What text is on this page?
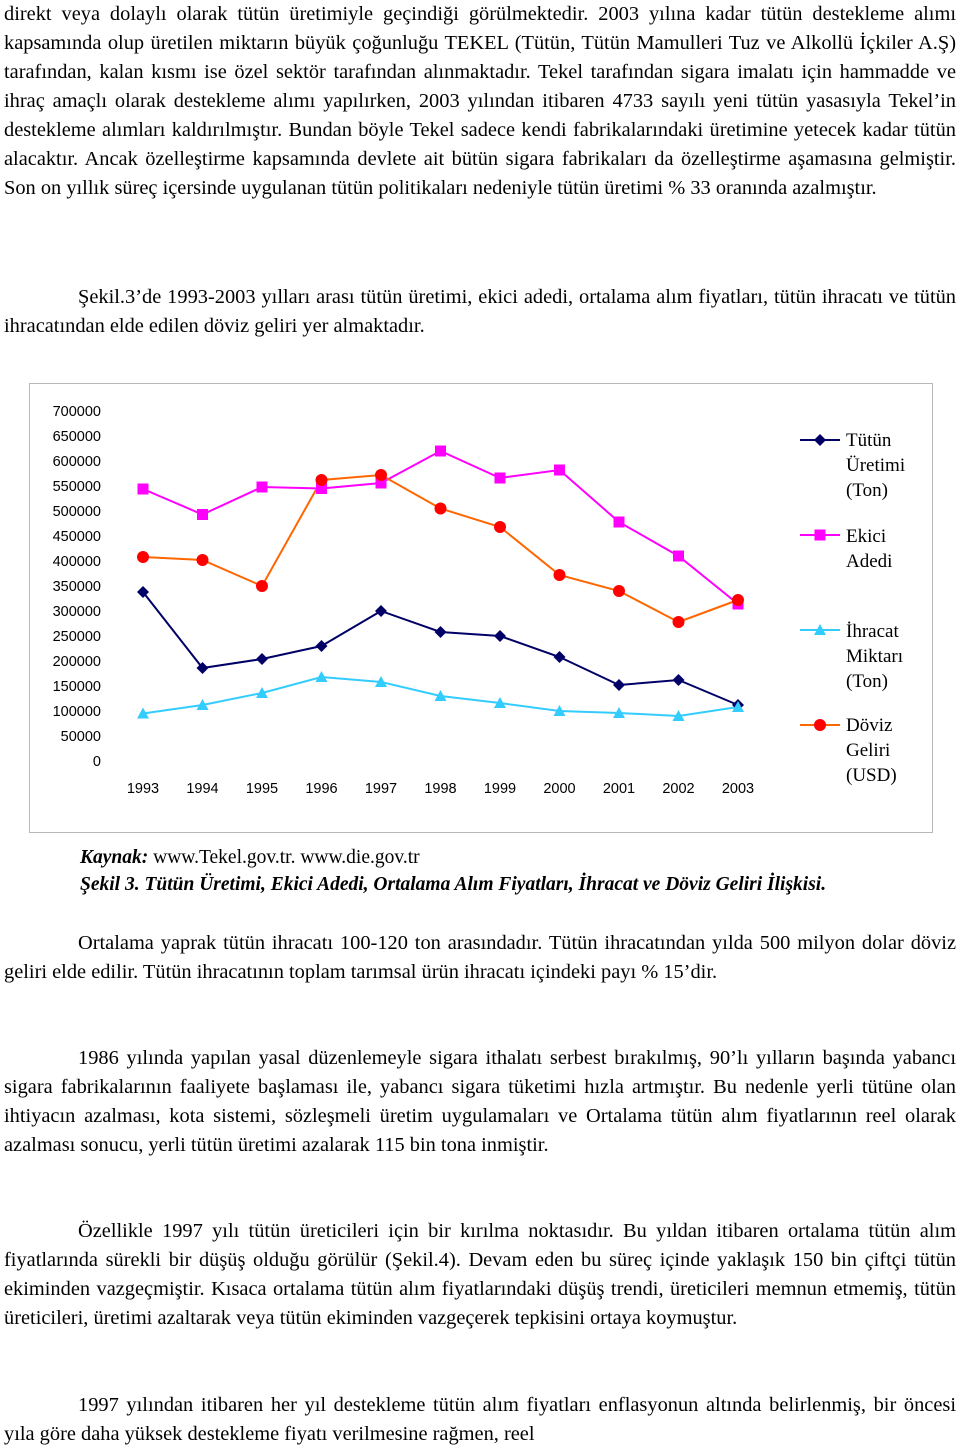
direkt veya dolaylı olarak tütün üretimiyle geçindiği görülmektedir. 2003 yılına kadar tütün destekleme alımı kapsamında olup üretilen miktarın büyük çoğunluğu TEKEL (Tütün, Tütün Mamulleri Tuz ve Alkollü İçkiler A.Ş) tarafından, kalan kısmı ise özel sektör tarafından alınmaktadır. Tekel tarafından sigara imalatı için hammadde ve ihraç amaçlı olarak destekleme alımı yapılırken, 2003 yılından itibaren 4733 sayılı yeni tütün yasasıyla Tekel’in destekleme alımları kaldırılmıştır. Bundan böyle Tekel sadece kendi fabrikalarındaki üretimine yetecek kadar tütün alacaktır. Ancak özelleştirme kapsamında devlete ait bütün sigara fabrikaları da özelleştirme aşamasına gelmiştir. Son on yıllık süreç içersinde uygulanan tütün politikaları nedeniyle tütün üretimi % 33 oranında azalmıştır.

Şekil.3’de 1993-2003 yılları arası tütün üretimi, ekici adedi, ortalama alım fiyatları, tütün ihracatı ve tütün ihracatından elde edilen döviz geliri yer almaktadır.

700000
650000
600000
550000
500000
450000
400000
350000
300000
250000
200000
150000
100000
50000
0
1993 1994 1995 1996 1997 1998 1999 2000 2001 2002 2003
Tütün Üretimi (Ton)
Ekici Adedi
İhracat Miktarı (Ton)
Döviz Geliri (USD)
Kaynak: www.Tekel.gov.tr. www.die.gov.tr
Şekil 3. Tütün Üretimi, Ekici Adedi, Ortalama Alım Fiyatları, İhracat ve Döviz Geliri İlişkisi.

Ortalama yaprak tütün ihracatı 100-120 ton arasındadır. Tütün ihracatından yılda 500 milyon dolar döviz geliri elde edilir. Tütün ihracatının toplam tarımsal ürün ihracatı içindeki payı % 15’dir.

1986 yılında yapılan yasal düzenlemeyle sigara ithalatı serbest bırakılmış, 90’lı yılların başında yabancı sigara fabrikalarının faaliyete başlaması ile, yabancı sigara tüketimi hızla artmıştır. Bu nedenle yerli tütüne olan ihtiyacın azalması, kota sistemi, sözleşmeli üretim uygulamaları ve Ortalama tütün alım fiyatlarının reel olarak azalması sonucu, yerli tütün üretimi azalarak 115 bin tona inmiştir.

Özellikle 1997 yılı tütün üreticileri için bir kırılma noktasıdır. Bu yıldan itibaren ortalama tütün alım fiyatlarında sürekli bir düşüş olduğu görülür (Şekil.4). Devam eden bu süreç içinde yaklaşık 150 bin çiftçi tütün ekiminden vazgeçmiştir. Kısaca ortalama tütün alım fiyatlarındaki düşüş trendi, üreticileri memnun etmemiş, tütün üreticileri, üretimi azaltarak veya tütün ekiminden vazgeçerek tepkisini ortaya koymuştur.

1997 yılından itibaren her yıl destekleme tütün alım fiyatları enflasyonun altında belirlenmiş, bir öncesi yıla göre daha yüksek destekleme fiyatı verilmesine rağmen, reel
